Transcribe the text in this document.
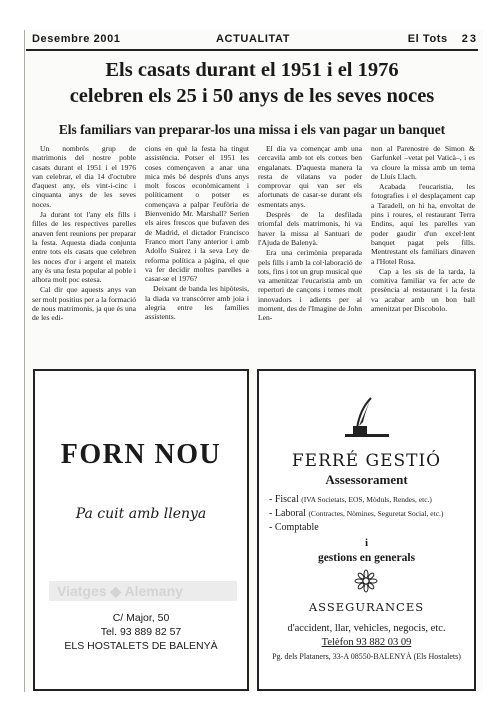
Desembre 2001	ACTUALITAT	El Tots 23
Els casats durant el 1951 i el 1976
celebren els 25 i 50 anys de les seves noces
Els familiars van preparar-los una missa i els van pagar un banquet

Un nombrós grup de matrimonis del nostre poble casats durant el 1951 i el 1976 van celebrar, el dia 14 d'octubre d'aquest any, els vint-i-cinc i cinquanta anys de les seves noces.

Ja durant tot l'any els fills i filles de les respectives parelles anaven fent reunions per preparar la festa. Aquesta diada conjunta entre tots els casats que celebren les noces d'or i argent el mateix any és una festa popular al poble i alhora molt poc estesa.

Cal dir que aquests anys van ser molt positius per a la formació de nous matrimonis, ja que és una de les edi-

cions en què la festa ha tingut assistència. Potser el 1951 les coses començaven a anar una mica més bé després d'uns anys molt foscos econòmicament i políticament o potser es començava a palpar l'eufòria de Bienvenido Mr. Marshall? Serien els aires frescos que bufaven des de Madrid, el dictador Francisco Franco mort l'any anterior i amb Adolfo Suárez i la seva Ley de reforma política a pàgina, el que va fer decidir moltes parelles a casar-se el 1976?

Deixant de banda les hipòtesis, la diada va transcórrer amb joia i alegria entre les famílies assistents.

El dia va començar amb una cercavila amb tot els cotxes ben engalanats. D'aquesta manera la resta de vilatans va poder comprovar qui van ser els afortunats de casar-se durant els esmentats anys.

Després de la desfilada triomfal dels matrimonis, hi va haver la missa al Santuari de l'Ajuda de Balenyà.

Era una cerimònia preparada pels fills i amb la col·laboració de tots, fins i tot un grup musical que va amenitzar l'eucaristia amb un repertori de cançons i temes molt innovadors i adients per al moment, des de l'Imagine de John Len-

non al Parenostre de Simon & Garfunkel –vetat pel Vaticà–, i es va cloure la missa amb un tema de Lluís Llach.

Acabada l'eucaristia, les fotografies i el desplaçament cap a Taradell, on hi ha, envoltat de pins i roures, el restaurant Terra Endins, aquí les parelles van poder gaudir d'un excel·lent banquet pagat pels fills. Mentrestant els familiars dinaven a l'Hotel Rosa.

Cap a les sis de la tarda, la comitiva familiar va fer acte de presència al restaurant i la festa va acabar amb un bon ball amenitzat per Discobolo.

FORN NOU
Pa cuit amb llenya
Viatges ◆ Alemany
C/ Major, 50
Tel. 93 889 82 57
ELS HOSTALETS DE BALENYÀ
FERRÉ GESTIÓ
Assessorament
- Fiscal (IVA Societats, EOS, Mòduls, Rendes, etc.)
- Laboral (Contractes, Nòmines, Seguretat Social, etc.)
- Comptable
i
gestions en generals
ASSEGURANCES
d'accident, llar, vehicles, negocis, etc.
Telèfon 93 882 03 09
Pg. dels Plataners, 33-A 08550-BALENYÀ (Els Hostalets)
